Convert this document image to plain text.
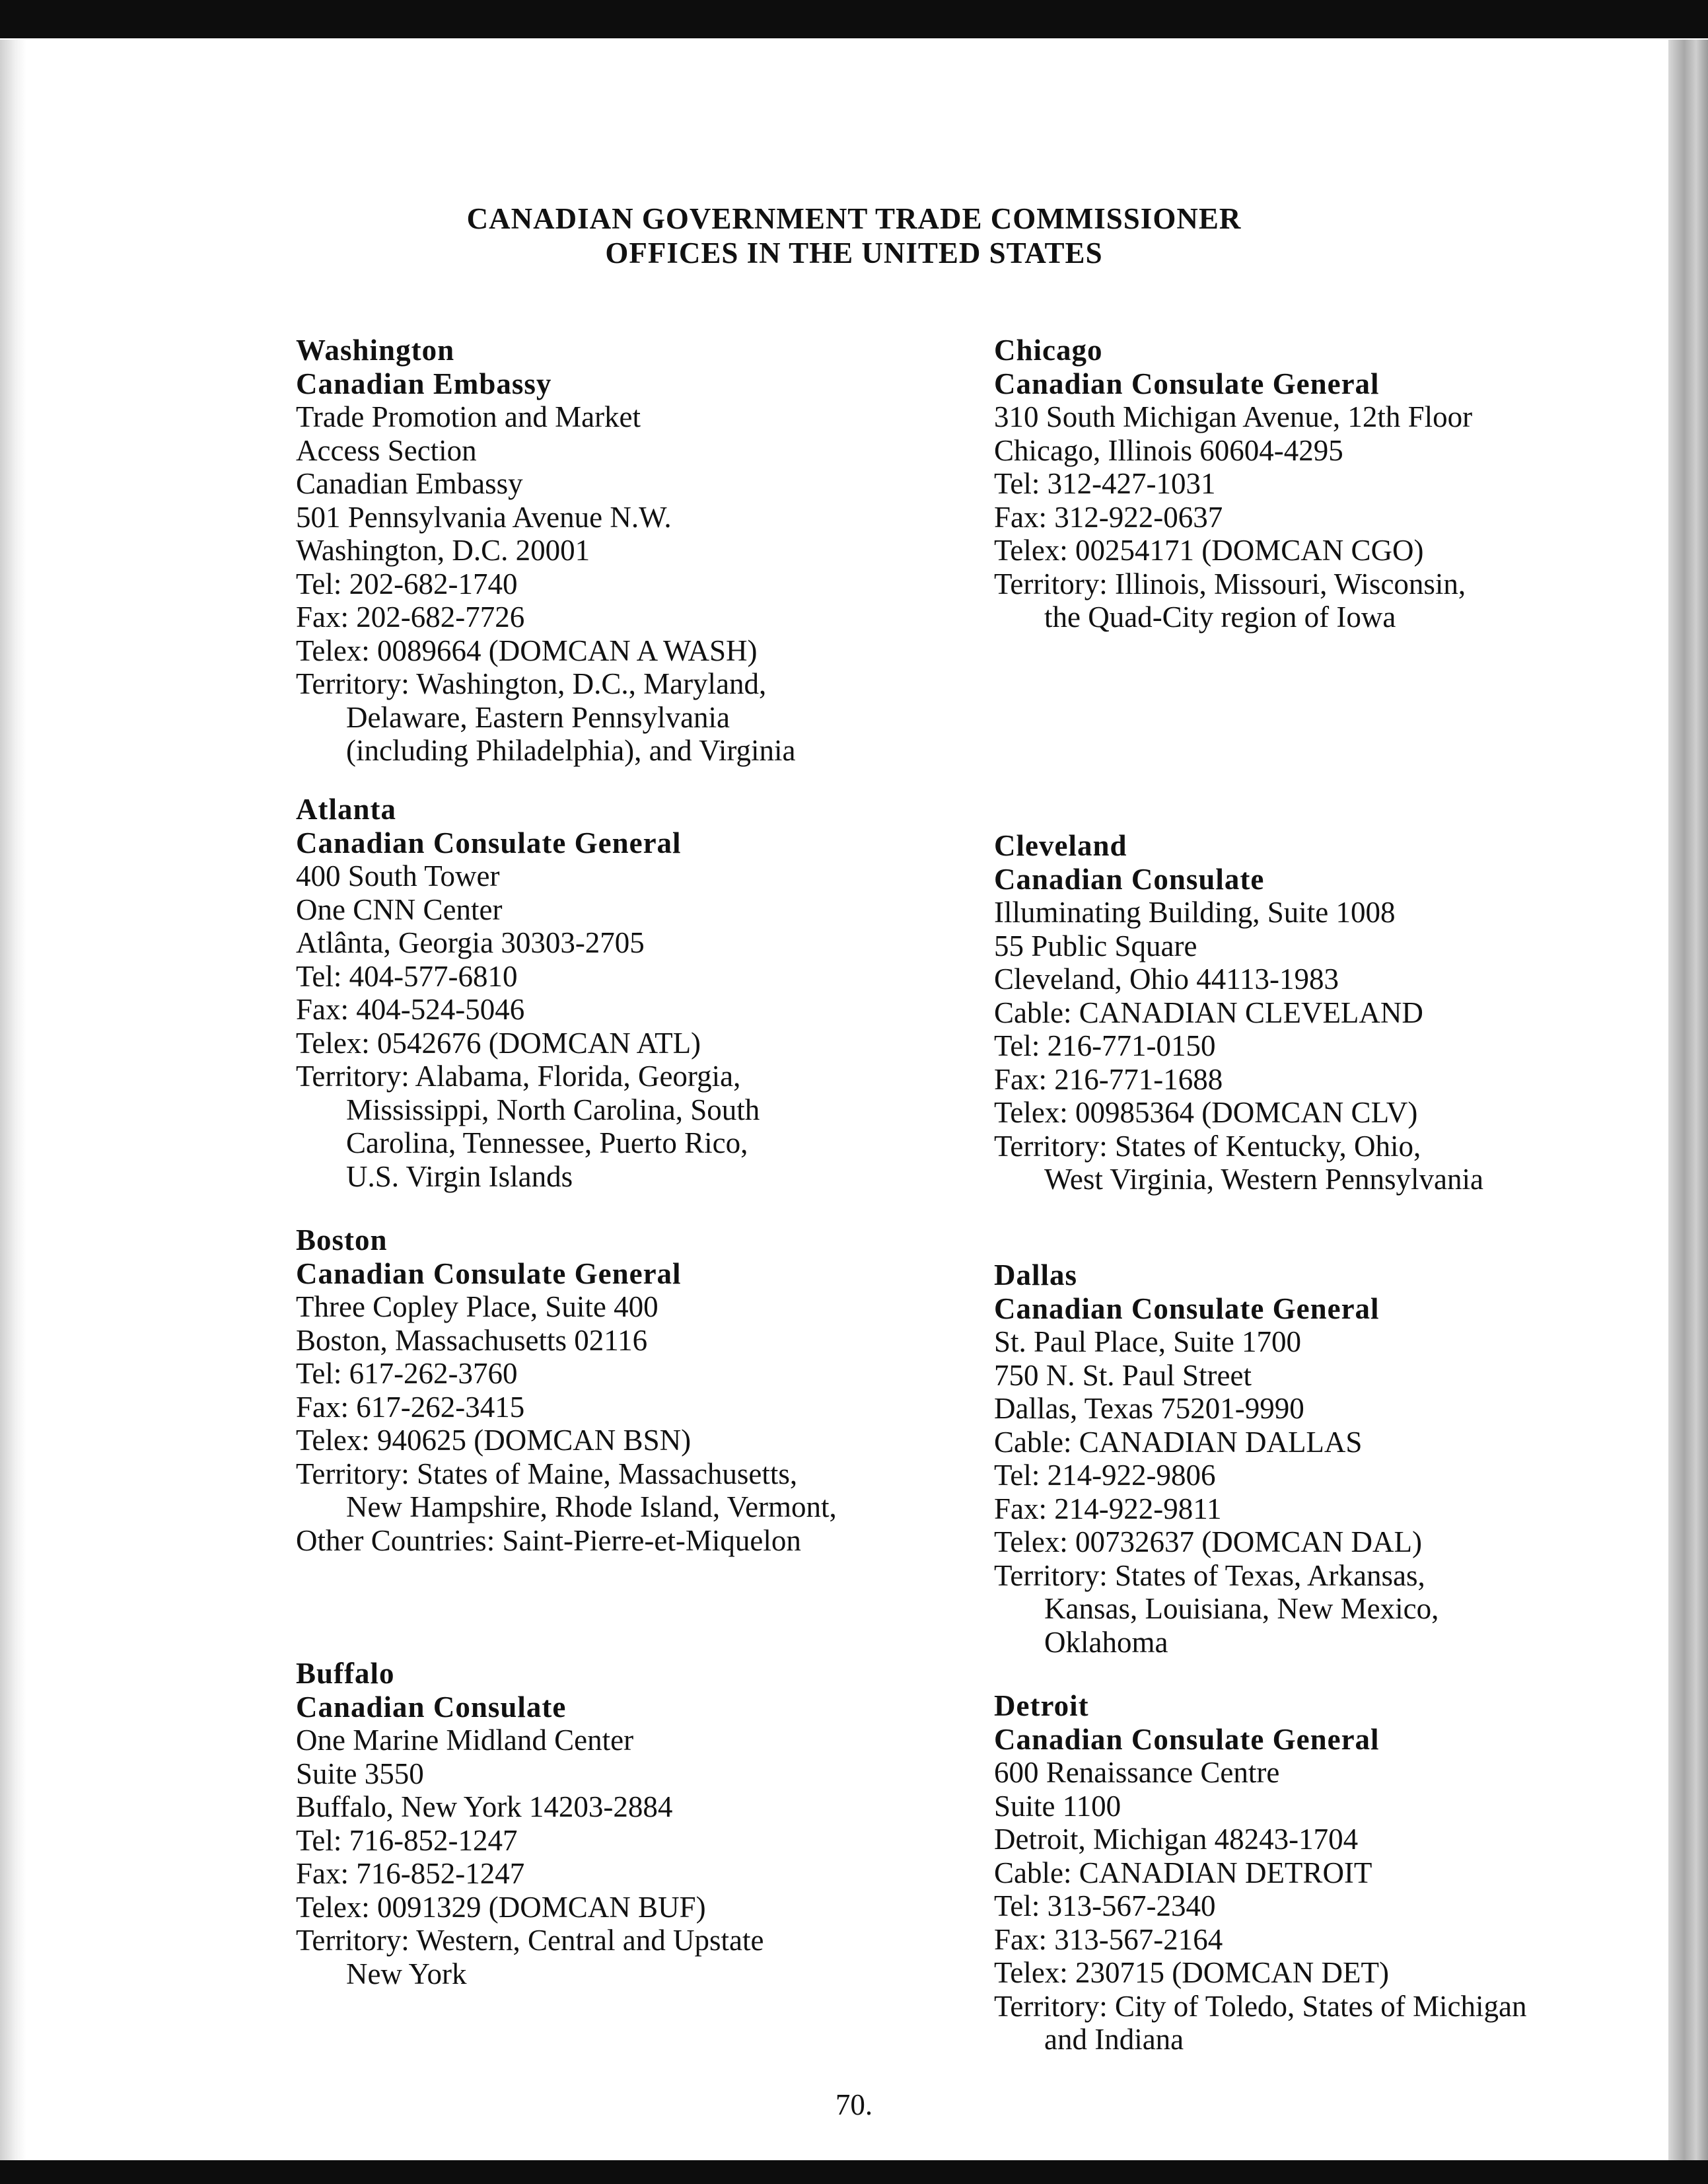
CANADIAN GOVERNMENT TRADE COMMISSIONER
OFFICES IN THE UNITED STATES
Washington
Canadian Embassy
Trade Promotion and Market
Access Section
Canadian Embassy
501 Pennsylvania Avenue N.W.
Washington, D.C. 20001
Tel: 202-682-1740
Fax: 202-682-7726
Telex: 0089664 (DOMCAN A WASH)
Territory: Washington, D.C., Maryland,
Delaware, Eastern Pennsylvania
(including Philadelphia), and Virginia
Atlanta
Canadian Consulate General
400 South Tower
One CNN Center
Atlânta, Georgia 30303-2705
Tel: 404-577-6810
Fax: 404-524-5046
Telex: 0542676 (DOMCAN ATL)
Territory: Alabama, Florida, Georgia,
Mississippi, North Carolina, South
Carolina, Tennessee, Puerto Rico,
U.S. Virgin Islands
Boston
Canadian Consulate General
Three Copley Place, Suite 400
Boston, Massachusetts 02116
Tel: 617-262-3760
Fax: 617-262-3415
Telex: 940625 (DOMCAN BSN)
Territory: States of Maine, Massachusetts,
New Hampshire, Rhode Island, Vermont,
Other Countries: Saint-Pierre-et-Miquelon
Buffalo
Canadian Consulate
One Marine Midland Center
Suite 3550
Buffalo, New York 14203-2884
Tel: 716-852-1247
Fax: 716-852-1247
Telex: 0091329 (DOMCAN BUF)
Territory: Western, Central and Upstate
New York
Chicago
Canadian Consulate General
310 South Michigan Avenue, 12th Floor
Chicago, Illinois 60604-4295
Tel: 312-427-1031
Fax: 312-922-0637
Telex: 00254171 (DOMCAN CGO)
Territory: Illinois, Missouri, Wisconsin,
the Quad-City region of Iowa
Cleveland
Canadian Consulate
Illuminating Building, Suite 1008
55 Public Square
Cleveland, Ohio 44113-1983
Cable: CANADIAN CLEVELAND
Tel: 216-771-0150
Fax: 216-771-1688
Telex: 00985364 (DOMCAN CLV)
Territory: States of Kentucky, Ohio,
West Virginia, Western Pennsylvania
Dallas
Canadian Consulate General
St. Paul Place, Suite 1700
750 N. St. Paul Street
Dallas, Texas 75201-9990
Cable: CANADIAN DALLAS
Tel: 214-922-9806
Fax: 214-922-9811
Telex: 00732637 (DOMCAN DAL)
Territory: States of Texas, Arkansas,
Kansas, Louisiana, New Mexico,
Oklahoma
Detroit
Canadian Consulate General
600 Renaissance Centre
Suite 1100
Detroit, Michigan 48243-1704
Cable: CANADIAN DETROIT
Tel: 313-567-2340
Fax: 313-567-2164
Telex: 230715 (DOMCAN DET)
Territory: City of Toledo, States of Michigan
and Indiana
70.
